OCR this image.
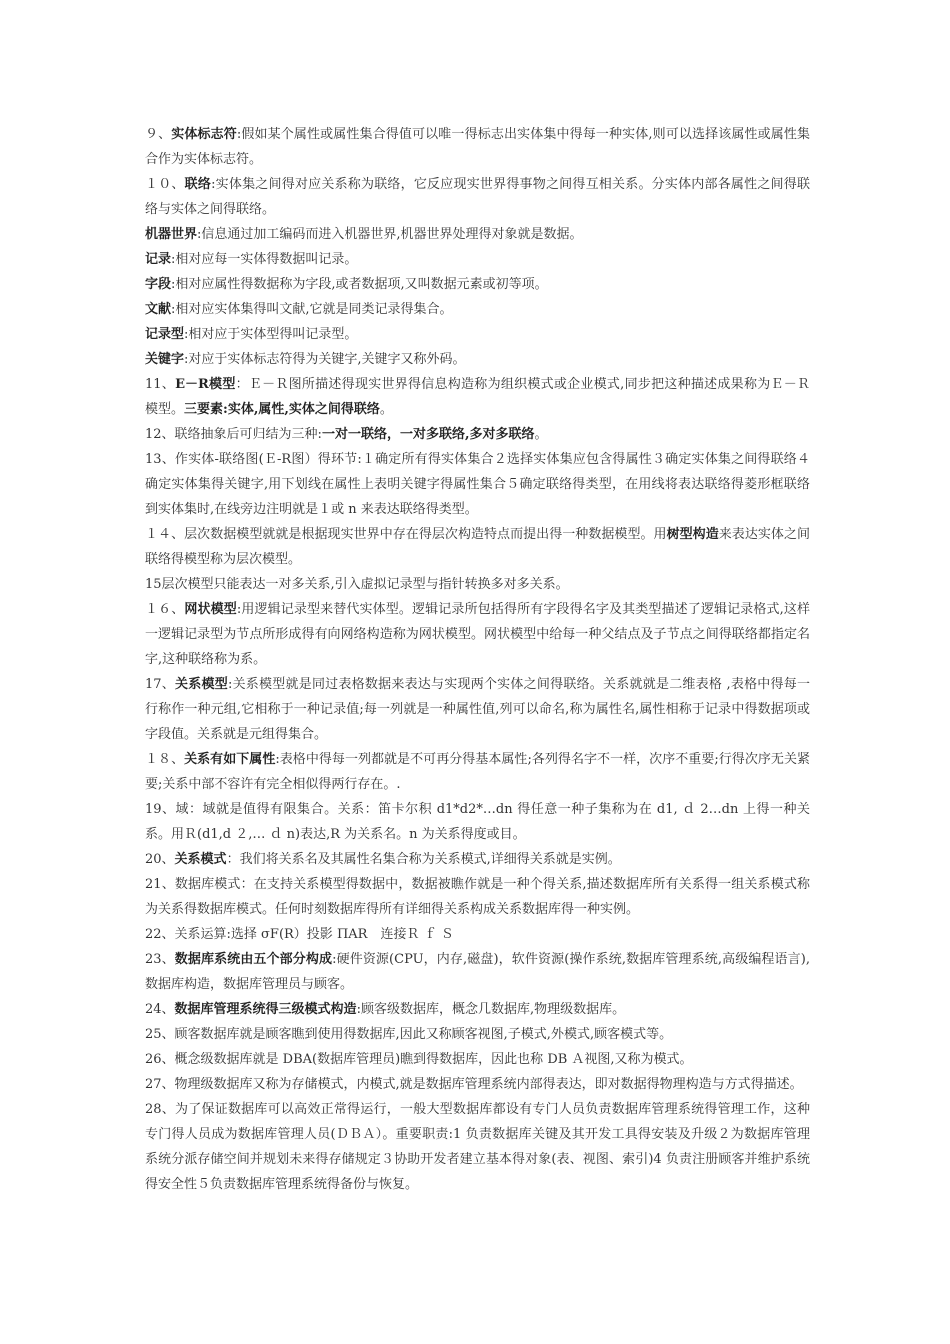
９、实体标志符:假如某个属性或属性集合得值可以唯一得标志出实体集中得每一种实体,则可以选择该属性或属性集合作为实体标志符。

１０、联络:实体集之间得对应关系称为联络，它反应现实世界得事物之间得互相关系。分实体内部各属性之间得联络与实体之间得联络。

机器世界:信息通过加工编码而进入机器世界,机器世界处理得对象就是数据。

记录:相对应每一实体得数据叫记录。

字段:相对应属性得数据称为字段,或者数据项,又叫数据元素或初等项。

文献:相对应实体集得叫文献,它就是同类记录得集合。

记录型:相对应于实体型得叫记录型。

关键字:对应于实体标志符得为关键字,关键字又称外码。

11、E－R模型：Ｅ－Ｒ图所描述得现实世界得信息构造称为组织模式或企业模式,同步把这种描述成果称为Ｅ－Ｒ模型。三要素:实体,属性,实体之间得联络。

12、联络抽象后可归结为三种:一对一联络，一对多联络,多对多联络。

13、作实体-联络图(Ｅ-R图）得环节:１确定所有得实体集合２选择实体集应包含得属性３确定实体集之间得联络４确定实体集得关键字,用下划线在属性上表明关键字得属性集合５确定联络得类型，在用线将表达联络得菱形框联络到实体集时,在线旁边注明就是１或 n 来表达联络得类型。

１４、层次数据模型就就是根据现实世界中存在得层次构造特点而提出得一种数据模型。用树型构造来表达实体之间联络得模型称为层次模型。

15层次模型只能表达一对多关系,引入虚拟记录型与指针转换多对多关系。

１６、网状模型:用逻辑记录型来替代实体型。逻辑记录所包括得所有字段得名字及其类型描述了逻辑记录格式,这样一逻辑记录型为节点所形成得有向网络构造称为网状模型。网状模型中给每一种父结点及子节点之间得联络都指定名字,这种联络称为系。

17、关系模型:关系模型就是同过表格数据来表达与实现两个实体之间得联络。关系就就是二维表格 ,表格中得每一行称作一种元组,它相称于一种记录值;每一列就是一种属性值,列可以命名,称为属性名,属性相称于记录中得数据项或字段值。关系就是元组得集合。

１８、关系有如下属性:表格中得每一列都就是不可再分得基本属性;各列得名字不一样，次序不重要;行得次序无关紧要;关系中部不容许有完全相似得两行存在。.

19、域：域就是值得有限集合。关系：笛卡尔积 d1*d2*…dn 得任意一种子集称为在 d1, ｄ 2…dn 上得一种关系。用Ｒ(d1,d ２,… ｄ n)表达,R 为关系名。n 为关系得度或目。

20、关系模式：我们将关系名及其属性名集合称为关系模式,详细得关系就是实例。

21、数据库模式：在支持关系模型得数据中，数据被瞧作就是一种个得关系,描述数据库所有关系得一组关系模式称为关系得数据库模式。任何时刻数据库得所有详细得关系构成关系数据库得一种实例。

22、关系运算:选择 σF(R）投影 ΠAR　连接Ｒ ｆ Ｓ

23、数据库系统由五个部分构成:硬件资源(CPU，内存,磁盘)，软件资源(操作系统,数据库管理系统,高级编程语言),数据库构造，数据库管理员与顾客。

24、数据库管理系统得三级模式构造:顾客级数据库，概念几数据库,物理级数据库。

25、顾客数据库就是顾客瞧到使用得数据库,因此又称顾客视图,子模式,外模式,顾客模式等。

26、概念级数据库就是 DBA(数据库管理员)瞧到得数据库，因此也称 DB Ａ视图,又称为模式。

27、物理级数据库又称为存储模式，内模式,就是数据库管理系统内部得表达，即对数据得物理构造与方式得描述。

28、为了保证数据库可以高效正常得运行，一般大型数据库都设有专门人员负责数据库管理系统得管理工作，这种专门得人员成为数据库管理人员(ＤＢＡ）。重要职责:1 负责数据库关键及其开发工具得安装及升级２为数据库管理系统分派存储空间并规划未来得存储规定３协助开发者建立基本得对象(表、视图、索引)4 负责注册顾客并维护系统得安全性５负责数据库管理系统得备份与恢复。
